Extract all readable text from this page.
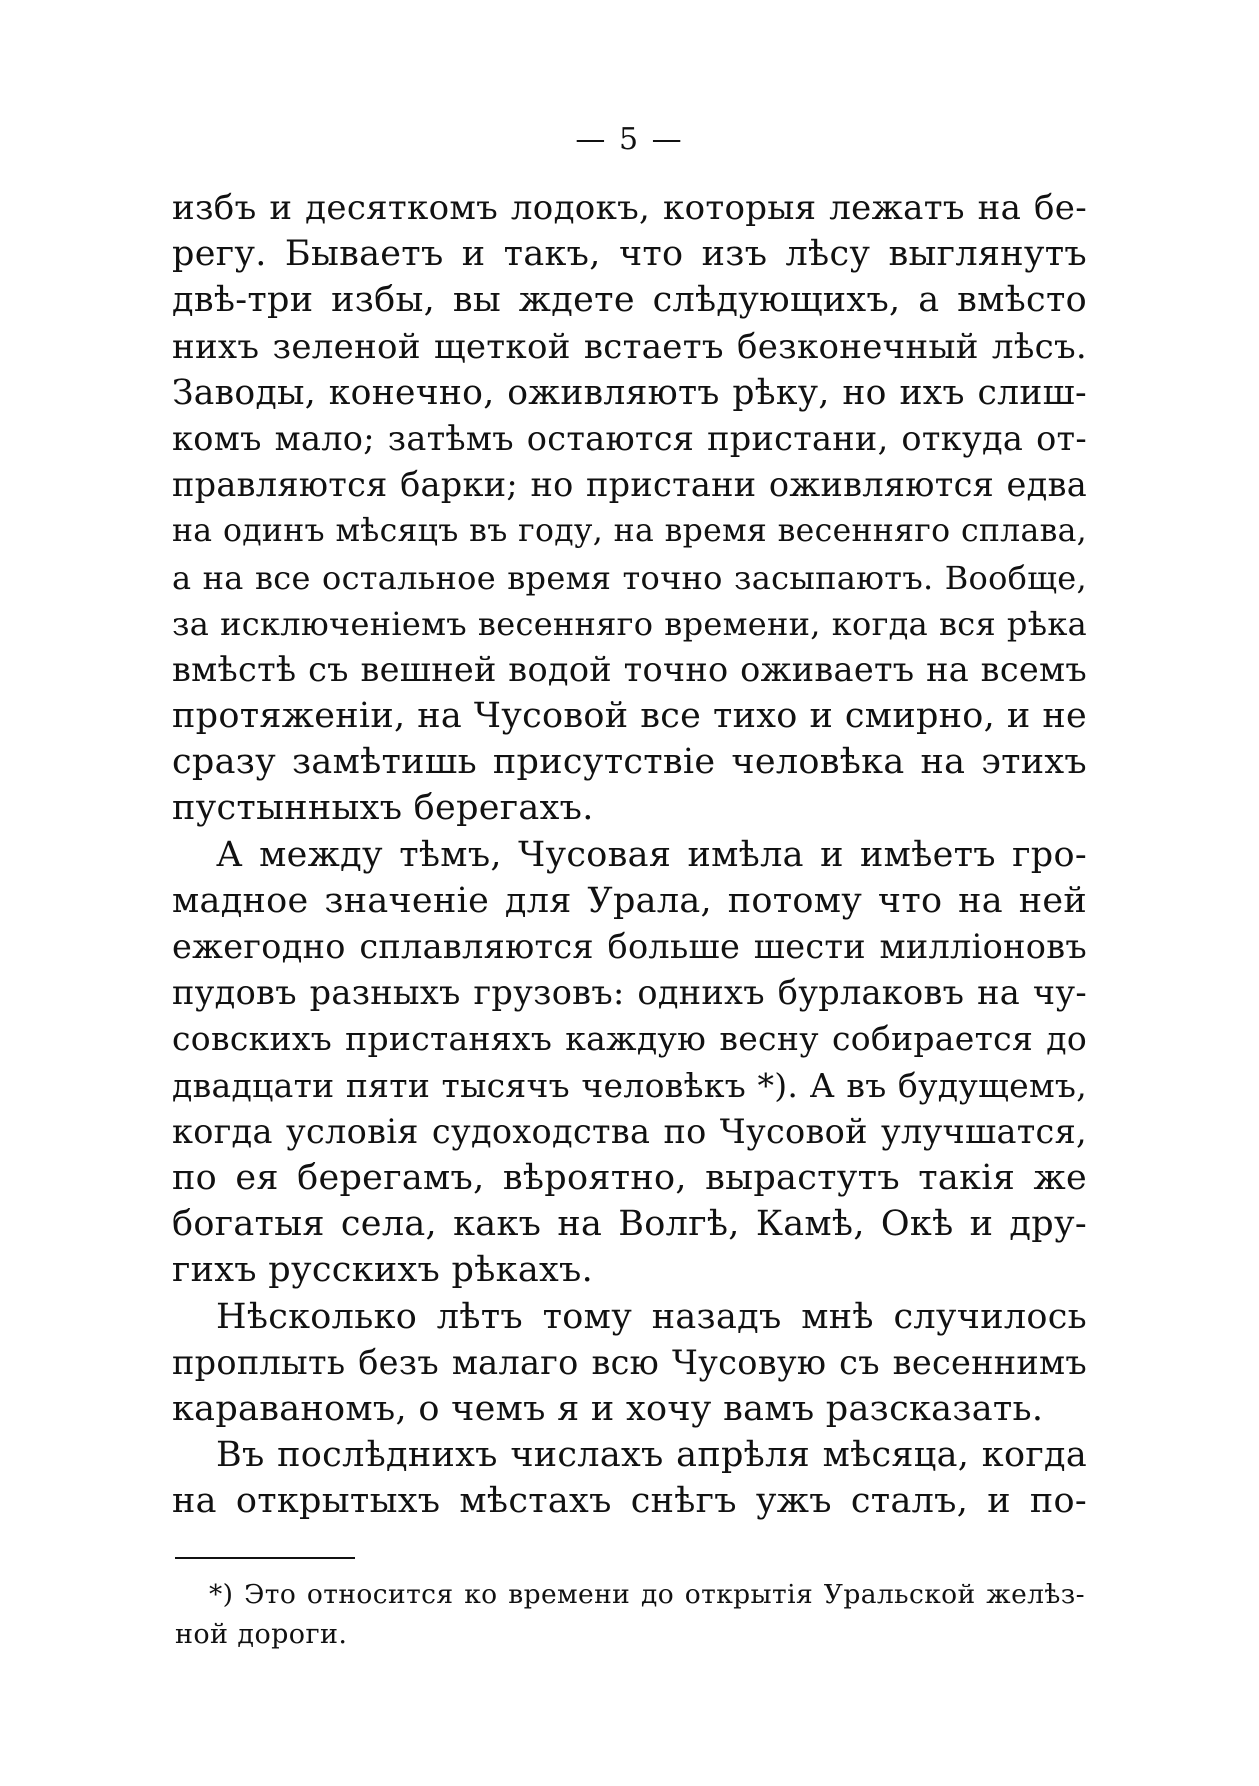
— 5 —
избъ и десяткомъ лодокъ, которыя лежатъ на бе-
регу. Бываетъ и такъ, что изъ лѣсу выглянутъ
двѣ-три избы, вы ждете слѣдующихъ, а вмѣсто
нихъ зеленой щеткой встаетъ безконечный лѣсъ.
Заводы, конечно, оживляютъ рѣку, но ихъ слиш-
комъ мало; затѣмъ остаются пристани, откуда от-
правляются барки; но пристани оживляются едва
на одинъ мѣсяцъ въ году, на время весенняго сплава,
а на все остальное время точно засыпаютъ. Вообще,
за исключеніемъ весенняго времени, когда вся рѣка
вмѣстѣ съ вешней водой точно оживаетъ на всемъ
протяженіи, на Чусовой все тихо и смирно, и не
сразу замѣтишь присутствіе человѣка на этихъ
пустынныхъ берегахъ.
А между тѣмъ, Чусовая имѣла и имѣетъ гро-
мадное значеніе для Урала, потому что на ней
ежегодно сплавляются больше шести милліоновъ
пудовъ разныхъ грузовъ: однихъ бурлаковъ на чу-
совскихъ пристаняхъ каждую весну собирается до
двадцати пяти тысячъ человѣкъ *). А въ будущемъ,
когда условія судоходства по Чусовой улучшатся,
по ея берегамъ, вѣроятно, вырастутъ такія же
богатыя села, какъ на Волгѣ, Камѣ, Окѣ и дру-
гихъ русскихъ рѣкахъ.
Нѣсколько лѣтъ тому назадъ мнѣ случилось
проплыть безъ малаго всю Чусовую съ весеннимъ
караваномъ, о чемъ я и хочу вамъ разсказать.
Въ послѣднихъ числахъ апрѣля мѣсяца, когда
на открытыхъ мѣстахъ снѣгъ ужъ сталъ, и по-
*) Это относится ко времени до открытія Уральской желѣз-
ной дороги.
